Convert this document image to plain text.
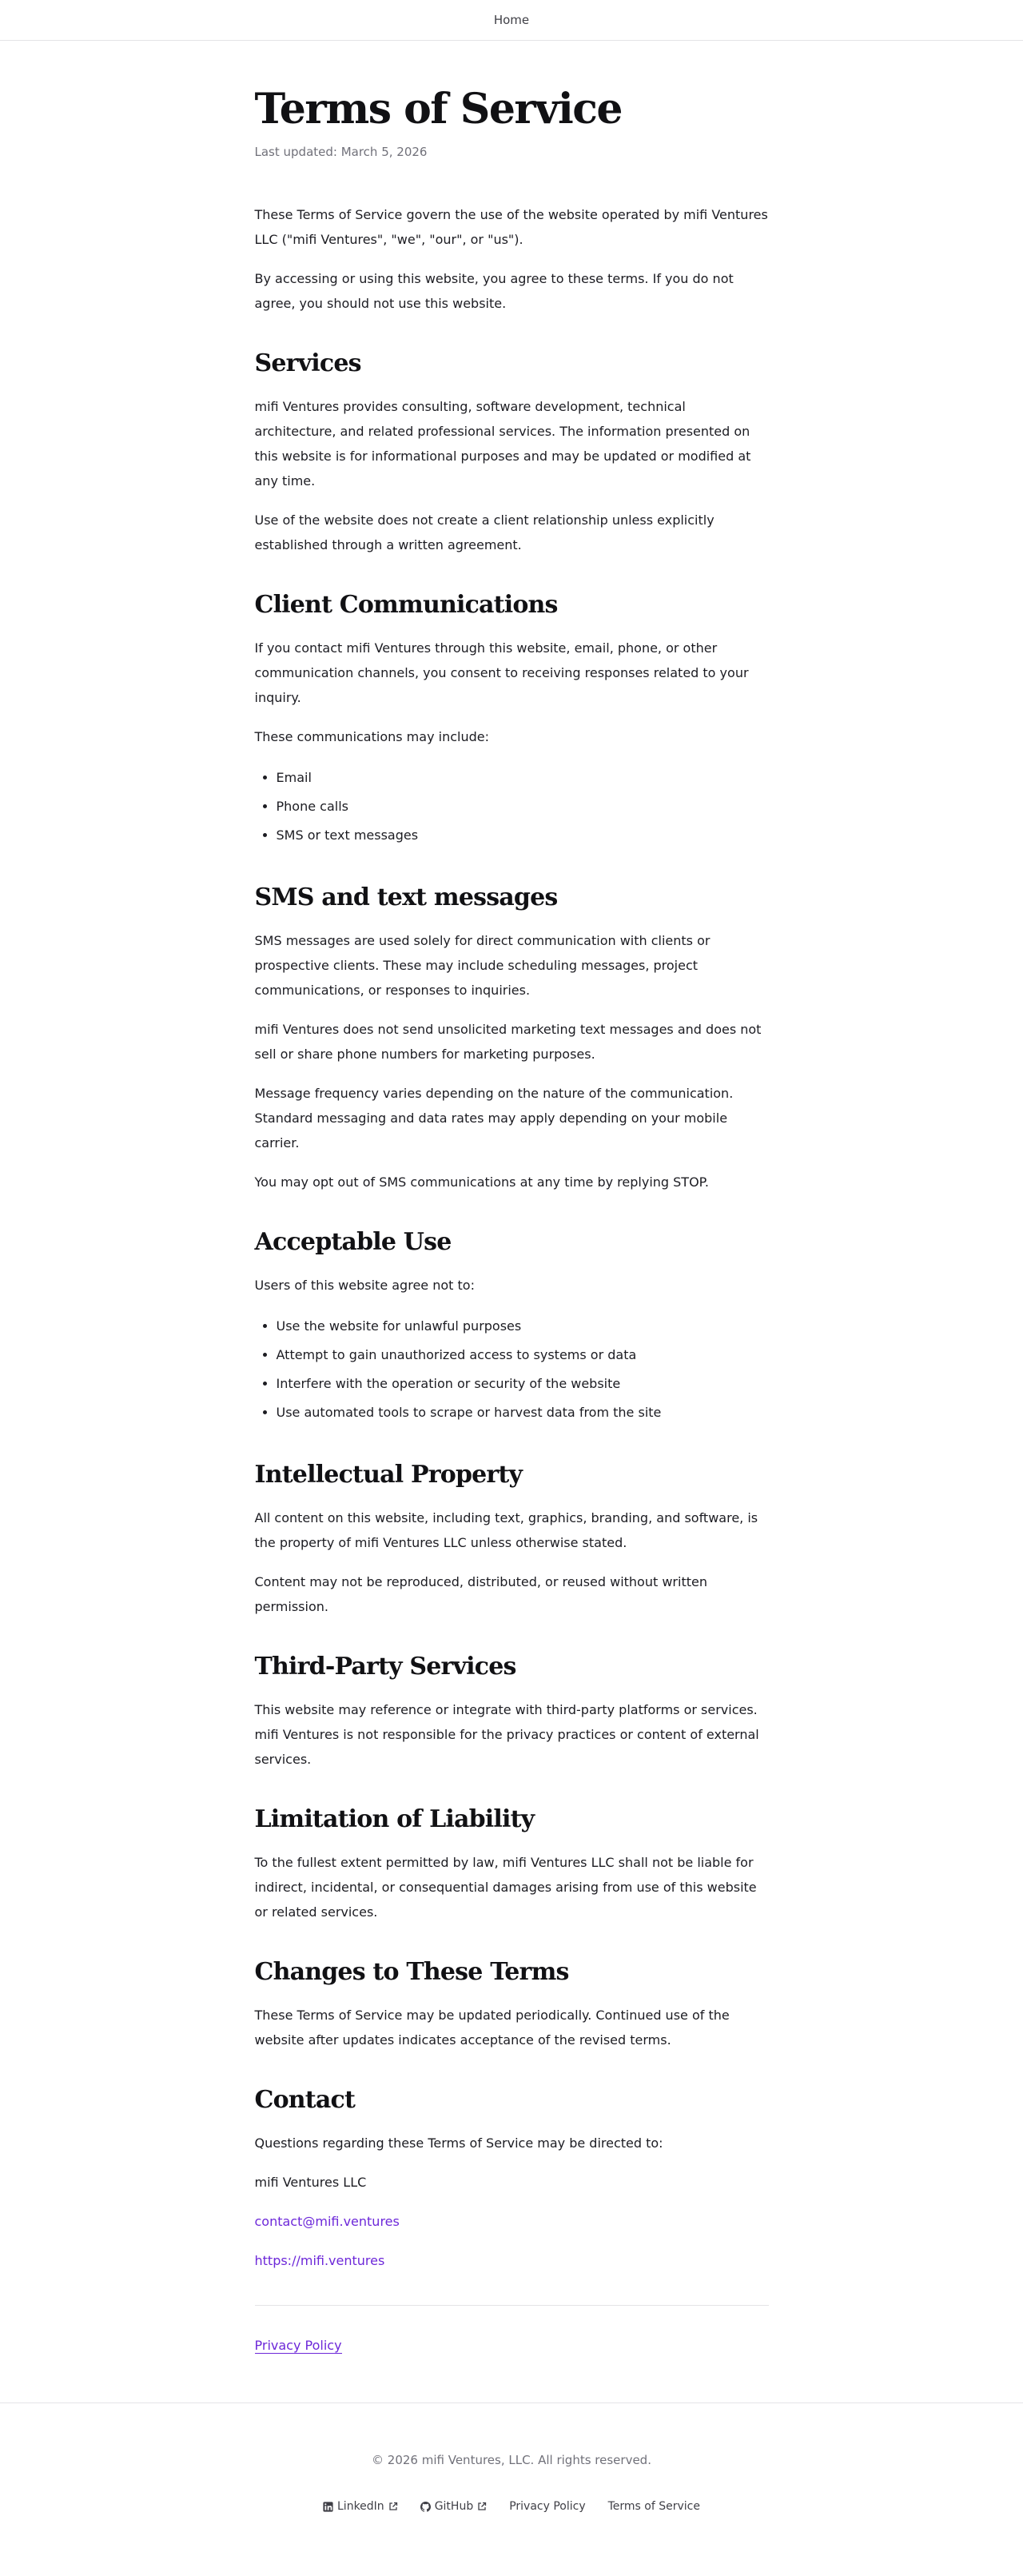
Home
Terms of Service
Last updated: March 5, 2026

These Terms of Service govern the use of the website operated by mifi Ventures LLC ("mifi Ventures", "we", "our", or "us").

By accessing or using this website, you agree to these terms. If you do not agree, you should not use this website.

Services

mifi Ventures provides consulting, software development, technical architecture, and related professional services. The information presented on this website is for informational purposes and may be updated or modified at any time.

Use of the website does not create a client relationship unless explicitly established through a written agreement.

Client Communications

If you contact mifi Ventures through this website, email, phone, or other communication channels, you consent to receiving responses related to your inquiry.

These communications may include:

• Email
• Phone calls
• SMS or text messages
SMS and text messages

SMS messages are used solely for direct communication with clients or prospective clients. These may include scheduling messages, project communications, or responses to inquiries.

mifi Ventures does not send unsolicited marketing text messages and does not sell or share phone numbers for marketing purposes.

Message frequency varies depending on the nature of the communication. Standard messaging and data rates may apply depending on your mobile carrier.

You may opt out of SMS communications at any time by replying STOP.

Acceptable Use

Users of this website agree not to:

• Use the website for unlawful purposes
• Attempt to gain unauthorized access to systems or data
• Interfere with the operation or security of the website
• Use automated tools to scrape or harvest data from the site
Intellectual Property

All content on this website, including text, graphics, branding, and software, is the property of mifi Ventures LLC unless otherwise stated.

Content may not be reproduced, distributed, or reused without written permission.

Third-Party Services

This website may reference or integrate with third-party platforms or services. mifi Ventures is not responsible for the privacy practices or content of external services.

Limitation of Liability

To the fullest extent permitted by law, mifi Ventures LLC shall not be liable for indirect, incidental, or consequential damages arising from use of this website or related services.

Changes to These Terms

These Terms of Service may be updated periodically. Continued use of the website after updates indicates acceptance of the revised terms.

Contact

Questions regarding these Terms of Service may be directed to:

mifi Ventures LLC

contact@mifi.ventures

https://mifi.ventures

Privacy Policy

© 2026 mifi Ventures, LLC. All rights reserved.

LinkedIn	GitHub	Privacy Policy Terms of Service
